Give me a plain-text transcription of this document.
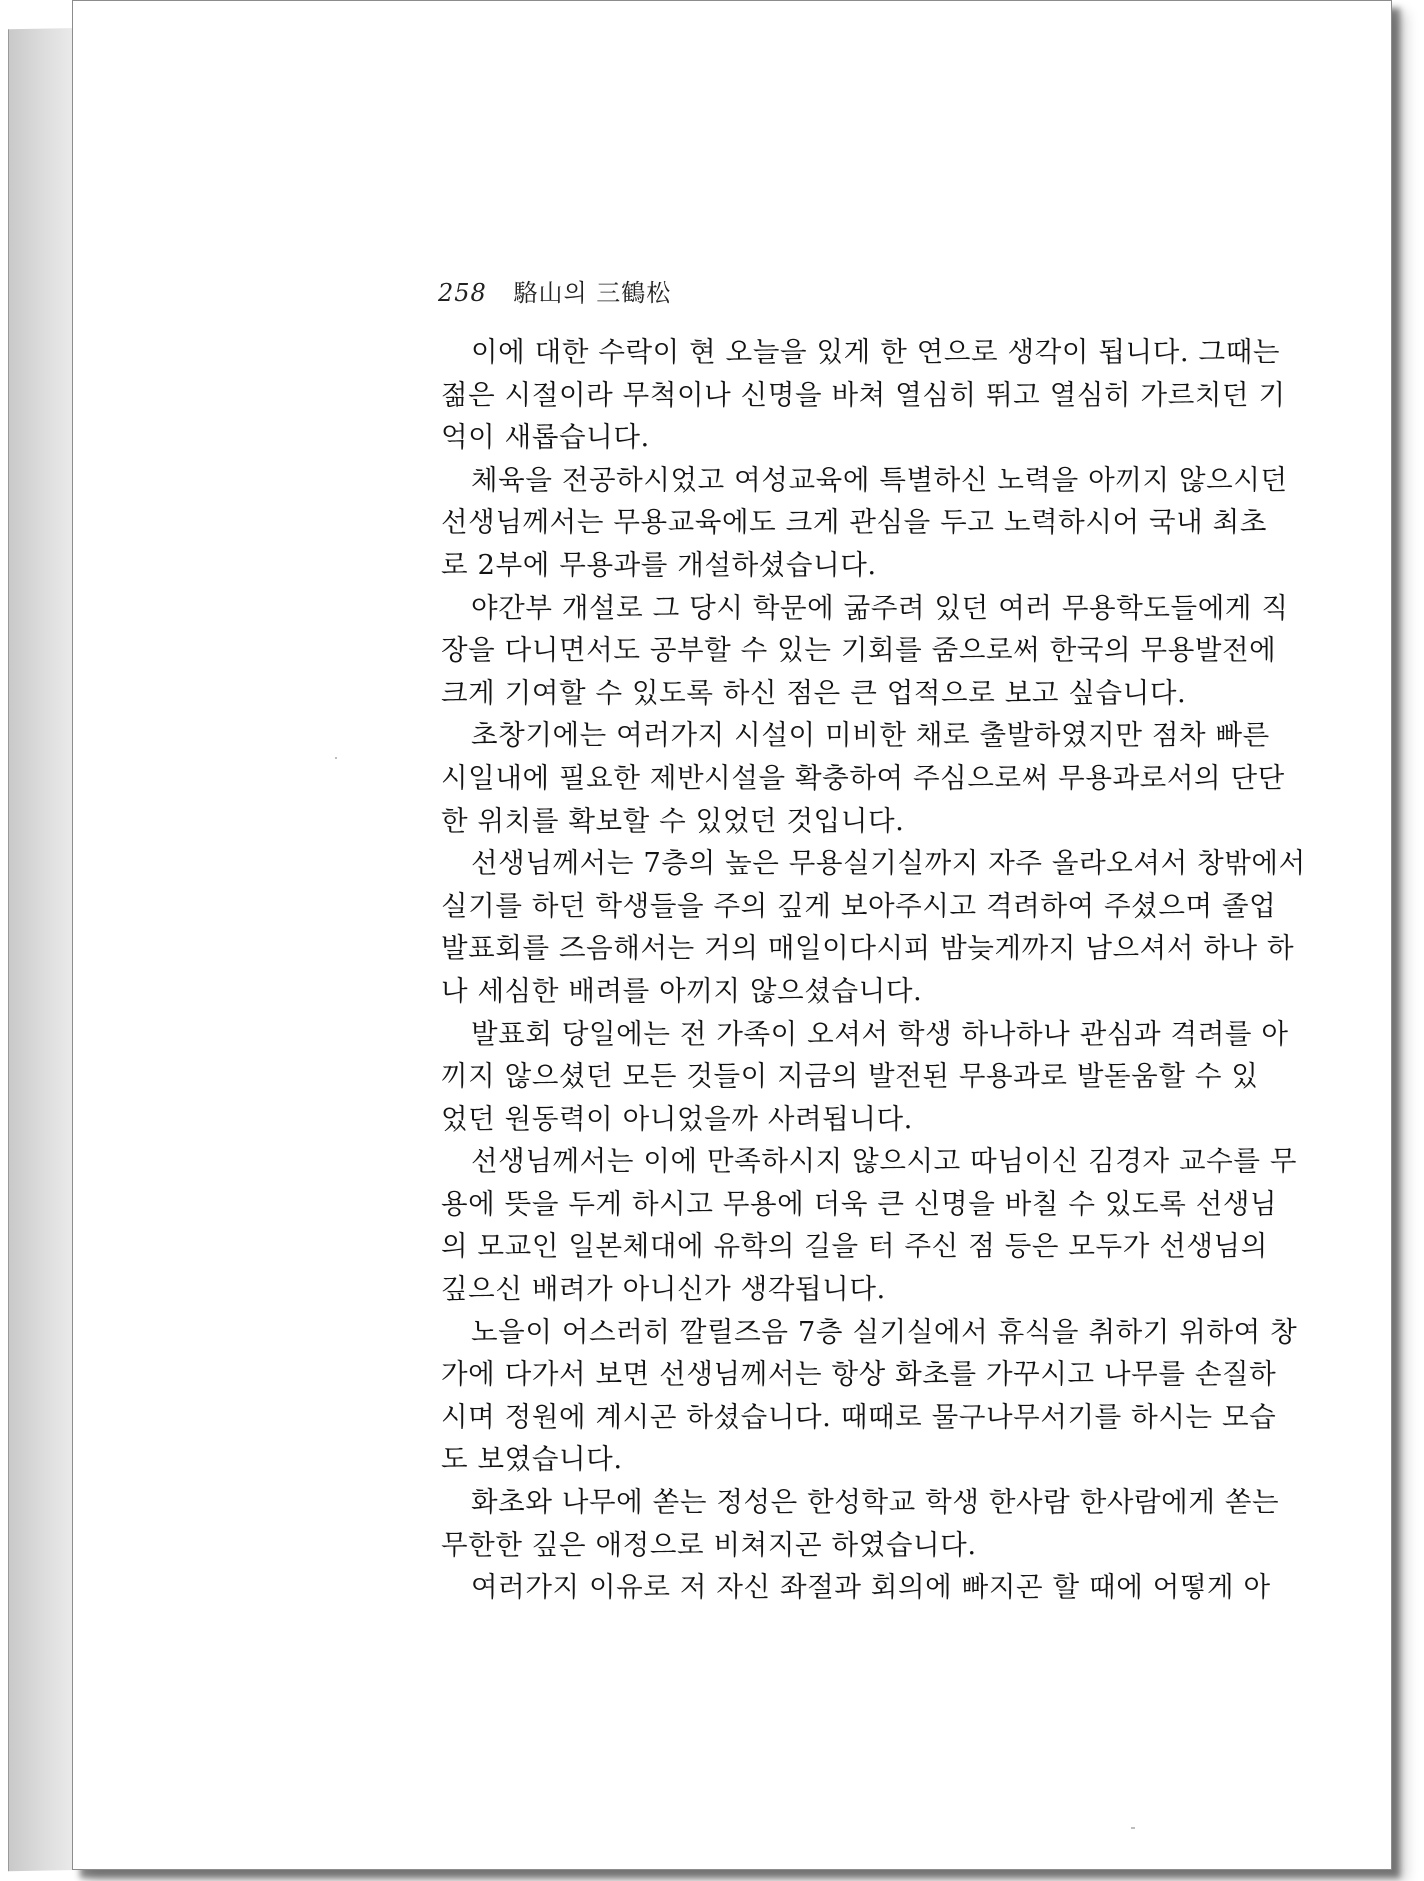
258 駱山의 三鶴松
이에 대한 수락이 현 오늘을 있게 한 연으로 생각이 됩니다. 그때는
젊은 시절이라 무척이나 신명을 바쳐 열심히 뛰고 열심히 가르치던 기
억이 새롭습니다.
체육을 전공하시었고 여성교육에 특별하신 노력을 아끼지 않으시던
선생님께서는 무용교육에도 크게 관심을 두고 노력하시어 국내 최초
로 2부에 무용과를 개설하셨습니다.
야간부 개설로 그 당시 학문에 굶주려 있던 여러 무용학도들에게 직
장을 다니면서도 공부할 수 있는 기회를 줌으로써 한국의 무용발전에
크게 기여할 수 있도록 하신 점은 큰 업적으로 보고 싶습니다.
초창기에는 여러가지 시설이 미비한 채로 출발하였지만 점차 빠른
시일내에 필요한 제반시설을 확충하여 주심으로써 무용과로서의 단단
한 위치를 확보할 수 있었던 것입니다.
선생님께서는 7층의 높은 무용실기실까지 자주 올라오셔서 창밖에서
실기를 하던 학생들을 주의 깊게 보아주시고 격려하여 주셨으며 졸업
발표회를 즈음해서는 거의 매일이다시피 밤늦게까지 남으셔서 하나 하
나 세심한 배려를 아끼지 않으셨습니다.
발표회 당일에는 전 가족이 오셔서 학생 하나하나 관심과 격려를 아
끼지 않으셨던 모든 것들이 지금의 발전된 무용과로 발돋움할 수 있
었던 원동력이 아니었을까 사려됩니다.
선생님께서는 이에 만족하시지 않으시고 따님이신 김경자 교수를 무
용에 뜻을 두게 하시고 무용에 더욱 큰 신명을 바칠 수 있도록 선생님
의 모교인 일본체대에 유학의 길을 터 주신 점 등은 모두가 선생님의
깊으신 배려가 아니신가 생각됩니다.
노을이 어스러히 깔릴즈음 7층 실기실에서 휴식을 취하기 위하여 창
가에 다가서 보면 선생님께서는 항상 화초를 가꾸시고 나무를 손질하
시며 정원에 계시곤 하셨습니다. 때때로 물구나무서기를 하시는 모습
도 보였습니다.
화초와 나무에 쏟는 정성은 한성학교 학생 한사람 한사람에게 쏟는
무한한 깊은 애정으로 비쳐지곤 하였습니다.
여러가지 이유로 저 자신 좌절과 회의에 빠지곤 할 때에 어떻게 아
